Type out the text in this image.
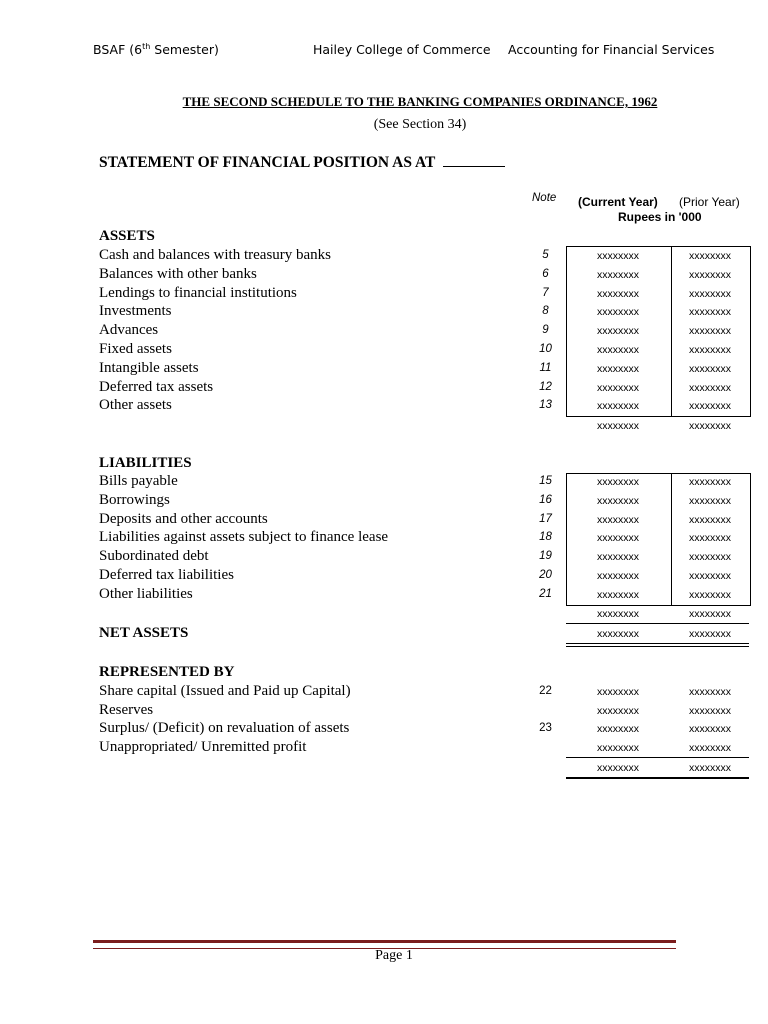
BSAF (6th Semester)	Hailey College of Commerce Accounting for Financial Services
THE SECOND SCHEDULE TO THE BANKING COMPANIES ORDINANCE, 1962
(See Section 34)
STATEMENT OF FINANCIAL POSITION AS AT
Note (Current Year) (Prior Year)
Rupees in '000
ASSETS
Cash and balances with treasury banks	5	xxxxxxxx	xxxxxxxx
Balances with other banks	6	xxxxxxxx	xxxxxxxx
Lendings to financial institutions	7	xxxxxxxx	xxxxxxxx
Investments	8	xxxxxxxx	xxxxxxxx
Advances	9	xxxxxxxx	xxxxxxxx
Fixed assets	10	xxxxxxxx	xxxxxxxx
Intangible assets	11	xxxxxxxx	xxxxxxxx
Deferred tax assets	12	xxxxxxxx	xxxxxxxx
Other assets	13	xxxxxxxx	xxxxxxxx
xxxxxxxx	xxxxxxxx
LIABILITIES
Bills payable	15	xxxxxxxx	xxxxxxxx
Borrowings	16	xxxxxxxx	xxxxxxxx
Deposits and other accounts	17	xxxxxxxx	xxxxxxxx
Liabilities against assets subject to finance lease	18	xxxxxxxx	xxxxxxxx
Subordinated debt	19	xxxxxxxx	xxxxxxxx
Deferred tax liabilities	20	xxxxxxxx	xxxxxxxx
Other liabilities	21	xxxxxxxx	xxxxxxxx
xxxxxxxx	xxxxxxxx
NET ASSETS	xxxxxxxx	xxxxxxxx
REPRESENTED BY
Share capital (Issued and Paid up Capital)	22	xxxxxxxx	xxxxxxxx
Reserves	xxxxxxxx	xxxxxxxx
Surplus/ (Deficit) on revaluation of assets	23	xxxxxxxx	xxxxxxxx
Unappropriated/ Unremitted profit	xxxxxxxx	xxxxxxxx
xxxxxxxx	xxxxxxxx
Page 1
